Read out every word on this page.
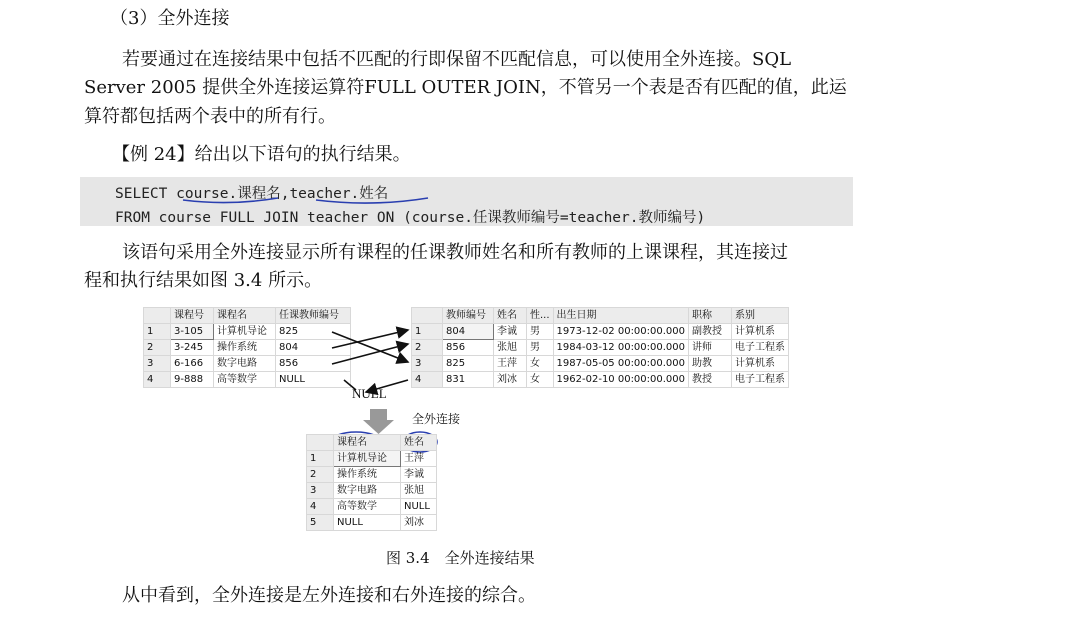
（3）全外连接
若要通过在连接结果中包括不匹配的行即保留不匹配信息，可以使用全外连接。SQL
Server 2005 提供全外连接运算符FULL OUTER JOIN，不管另一个表是否有匹配的值，此运
算符都包括两个表中的所有行。
【例 24】给出以下语句的执行结果。
SELECT course.课程名,teacher.姓名
FROM course FULL JOIN teacher ON (course.任课教师编号=teacher.教师编号)
该语句采用全外连接显示所有课程的任课教师姓名和所有教师的上课课程，其连接过
程和执行结果如图 3.4 所示。
	课程号	课程名	任课教师编号
1	3-105	计算机导论	825
2	3-245	操作系统	804
3	6-166	数字电路	856
4	9-888	高等数学	NULL
	教师编号	姓名	性...	出生日期	职称	系别
1	804	李诚	男	1973-12-02 00:00:00.000	副教授	计算机系
2	856	张旭	男	1984-03-12 00:00:00.000	讲师	电子工程系
3	825	王萍	女	1987-05-05 00:00:00.000	助教	计算机系
4	831	刘冰	女	1962-02-10 00:00:00.000	教授	电子工程系
NULL
全外连接
	课程名	姓名
1	计算机导论	王萍
2	操作系统	李诚
3	数字电路	张旭
4	高等数学	NULL
5	NULL	刘冰
图 3.4　全外连接结果
从中看到，全外连接是左外连接和右外连接的综合。
